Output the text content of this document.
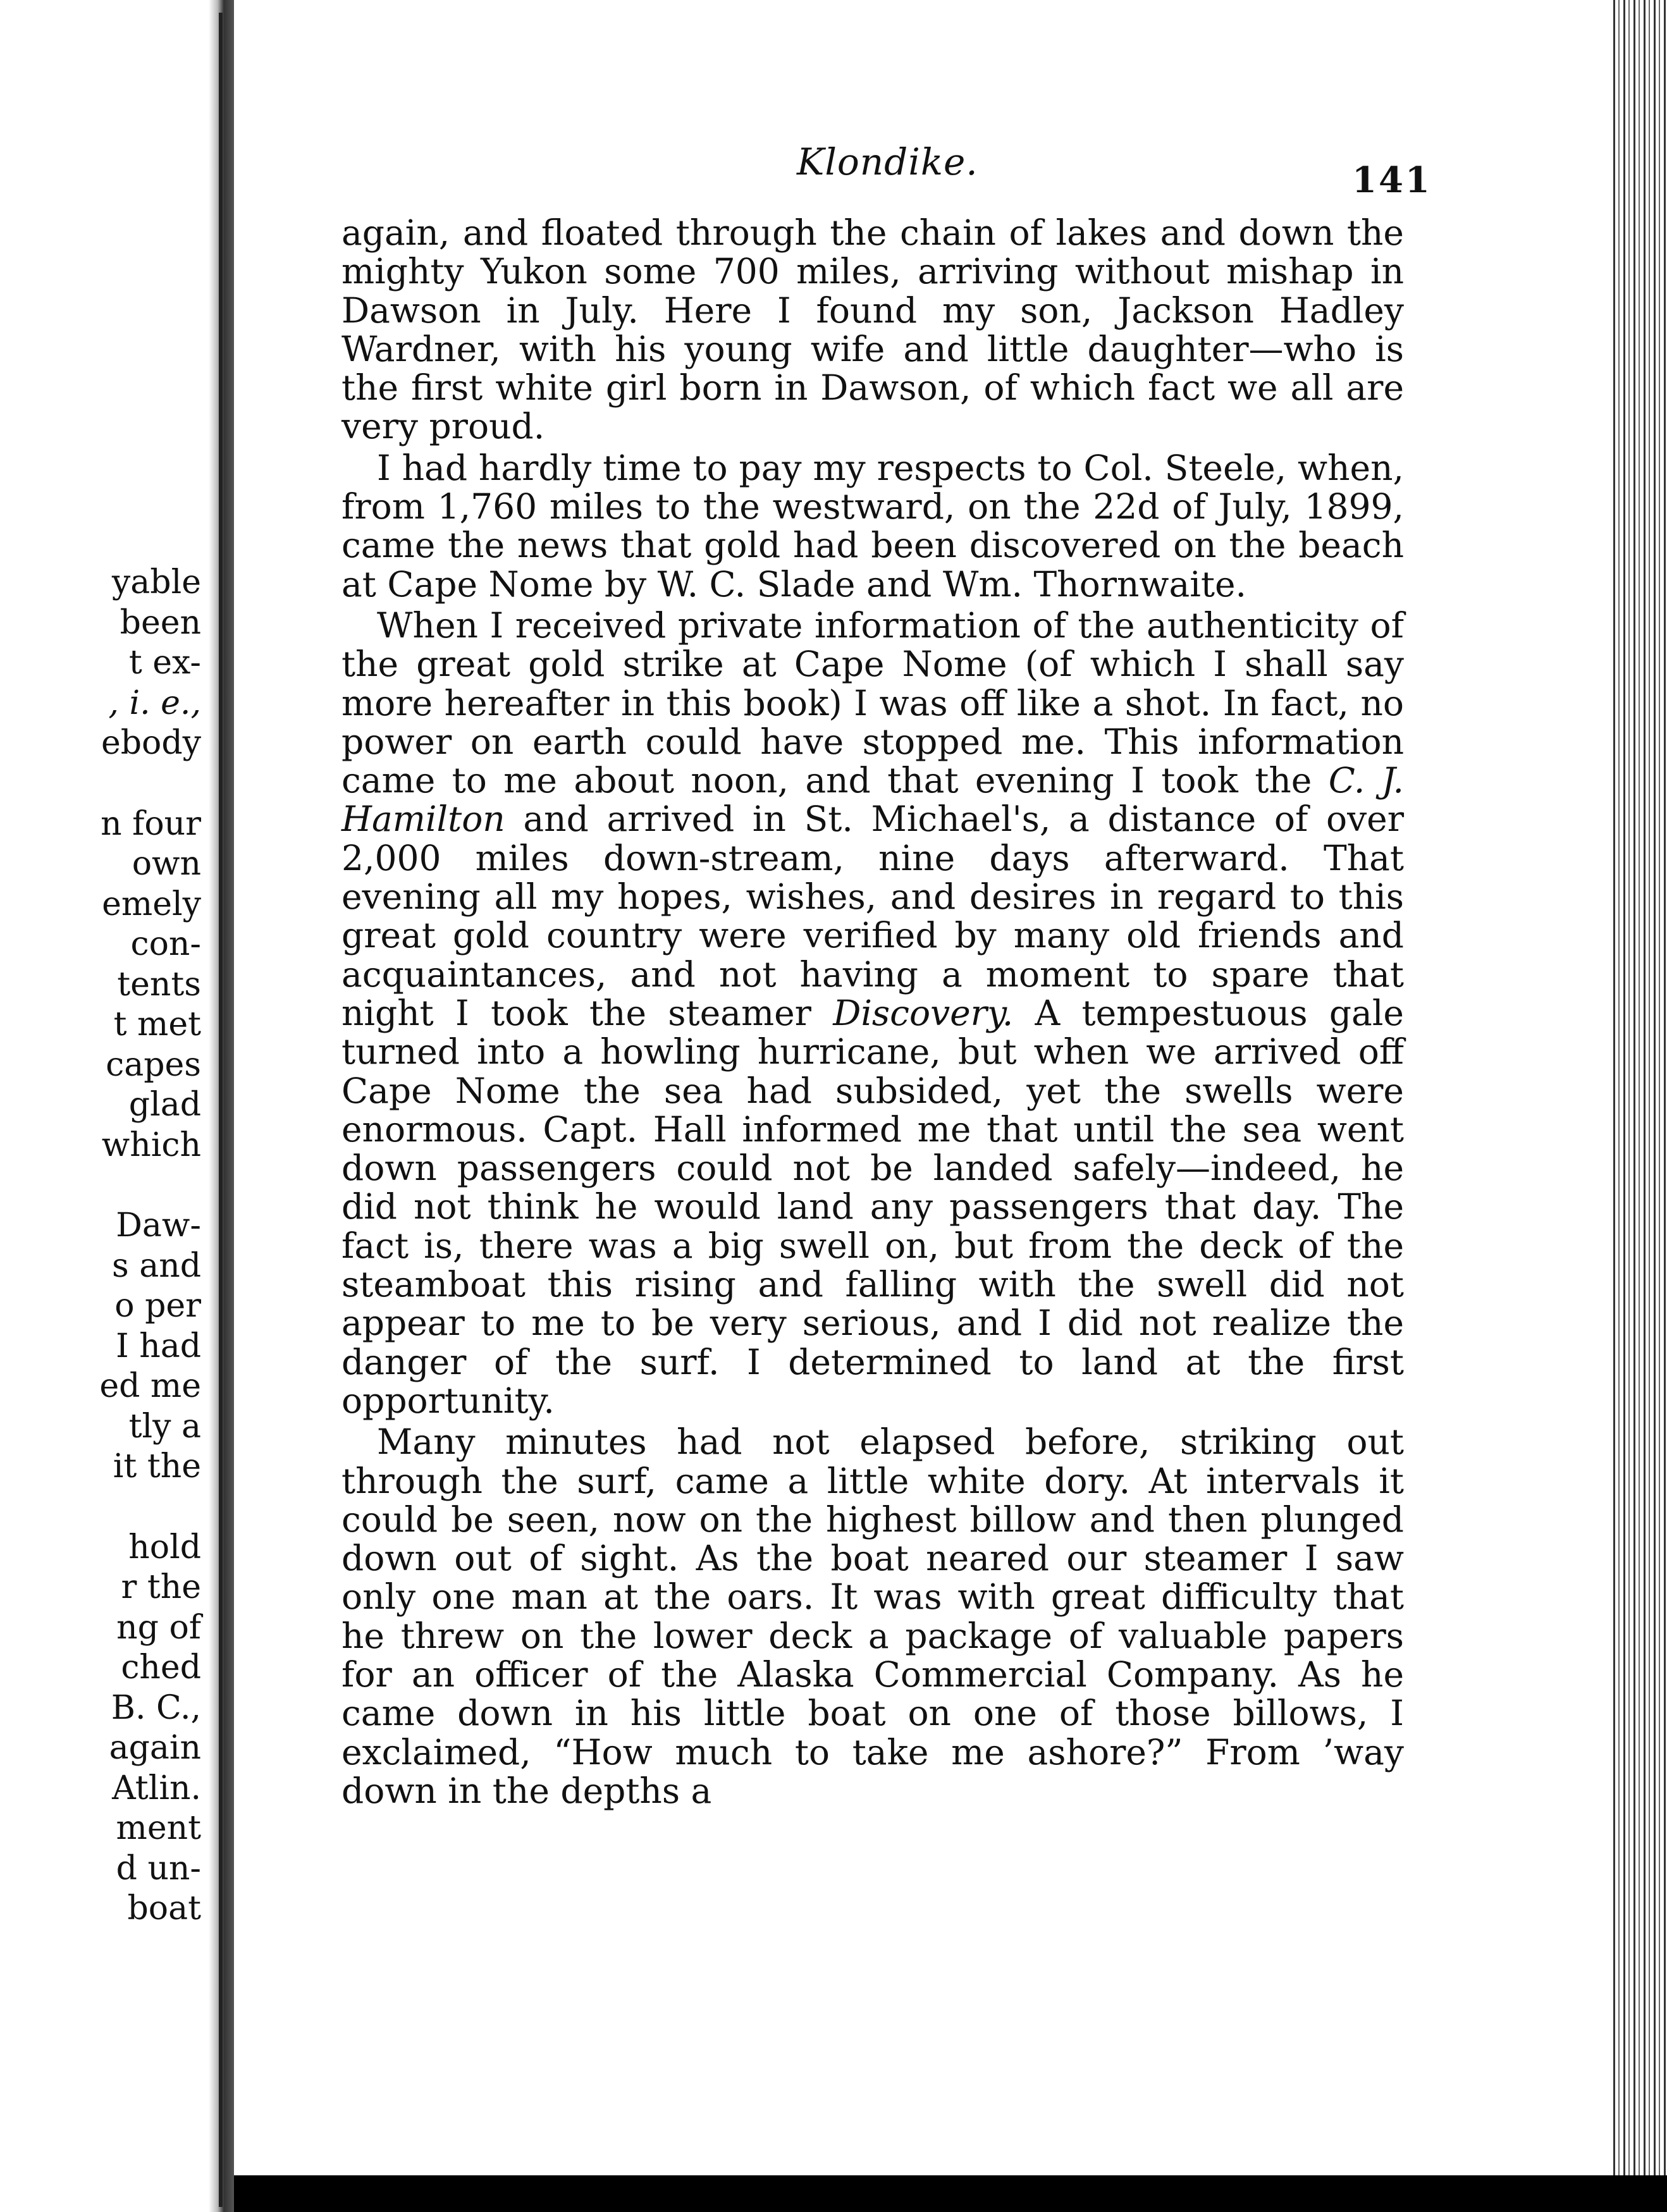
yable
been
t ex-
, i. e.,
ebody
n four
own
emely
con-
tents
t met
capes
glad
which
Daw-
s and
o per
I had
ed me
tly a
it the
hold
r the
ng of
ched
B. C.,
again
Atlin.
ment
d un-
boat
Klondike.	141

again, and floated through the chain of lakes and down the mighty Yukon some 700 miles, arriving without mishap in Dawson in July. Here I found my son, Jackson Hadley Wardner, with his young wife and little daughter—who is the first white girl born in Dawson, of which fact we all are very proud.

I had hardly time to pay my respects to Col. Steele, when, from 1,760 miles to the westward, on the 22d of July, 1899, came the news that gold had been discovered on the beach at Cape Nome by W. C. Slade and Wm. Thornwaite.

When I received private information of the authenticity of the great gold strike at Cape Nome (of which I shall say more hereafter in this book) I was off like a shot. In fact, no power on earth could have stopped me. This information came to me about noon, and that evening I took the C. J. Hamilton and arrived in St. Michael's, a distance of over 2,000 miles down-stream, nine days afterward. That evening all my hopes, wishes, and desires in regard to this great gold country were verified by many old friends and acquaintances, and not having a moment to spare that night I took the steamer Discovery. A tempestuous gale turned into a howling hurricane, but when we arrived off Cape Nome the sea had subsided, yet the swells were enormous. Capt. Hall informed me that until the sea went down passengers could not be landed safely—indeed, he did not think he would land any passengers that day. The fact is, there was a big swell on, but from the deck of the steamboat this rising and falling with the swell did not appear to me to be very serious, and I did not realize the danger of the surf. I determined to land at the first opportunity.

Many minutes had not elapsed before, striking out through the surf, came a little white dory. At intervals it could be seen, now on the highest billow and then plunged down out of sight. As the boat neared our steamer I saw only one man at the oars. It was with great difficulty that he threw on the lower deck a package of valuable papers for an officer of the Alaska Commercial Company. As he came down in his little boat on one of those billows, I exclaimed, “How much to take me ashore?” From ’way down in the depths a
